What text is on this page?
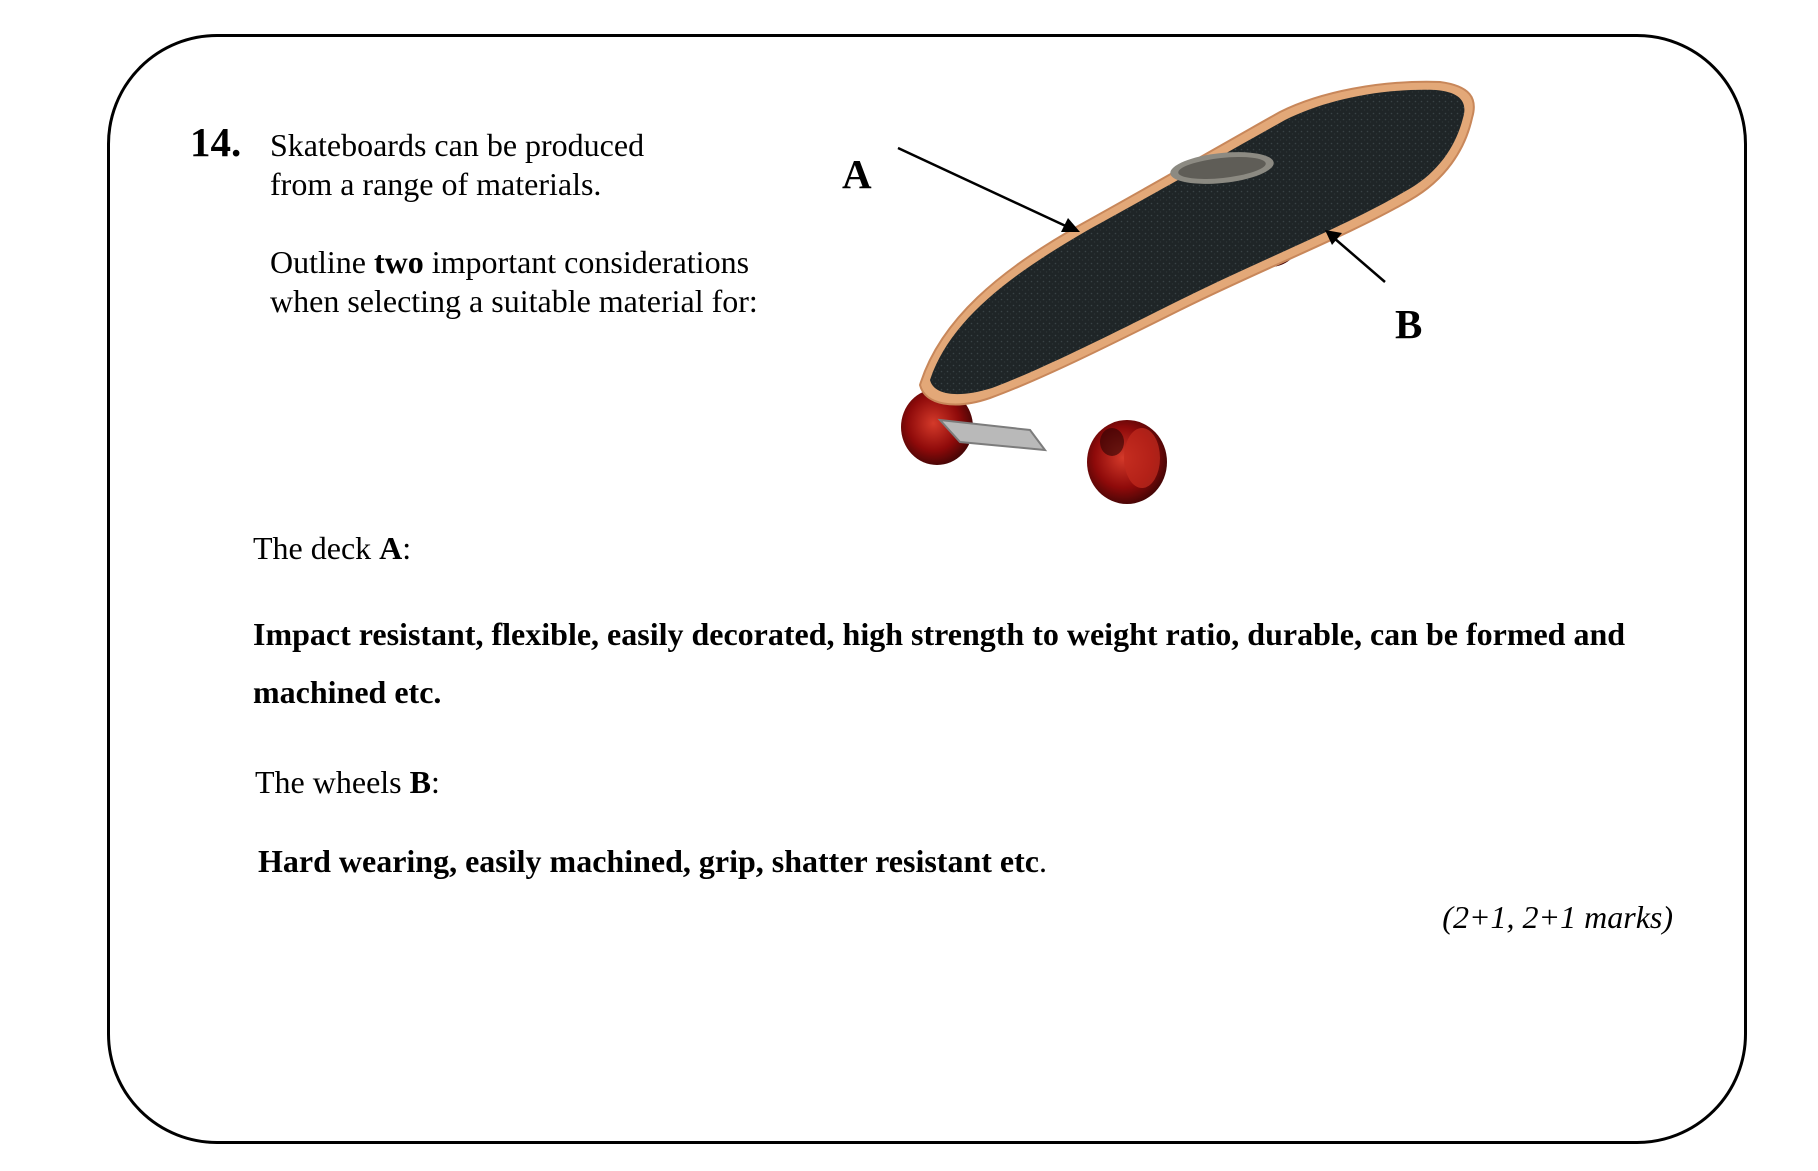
14. Skateboards can be produced
from a range of materials.

Outline two important considerations
when selecting a suitable material for:

A
B
The deck A:
Impact resistant, flexible, easily decorated, high strength to weight ratio, durable, can be formed and machined etc.
The wheels B:
Hard wearing, easily machined, grip, shatter resistant etc.
(2+1, 2+1 marks)
